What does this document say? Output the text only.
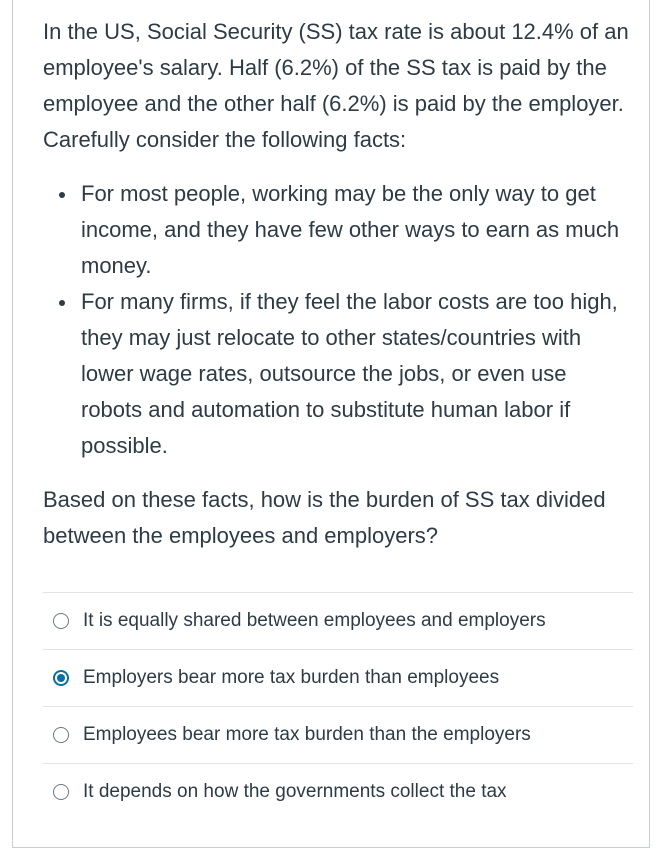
In the US, Social Security (SS) tax rate is about 12.4% of an employee's salary. Half (6.2%) of the SS tax is paid by the employee and the other half (6.2%) is paid by the employer. Carefully consider the following facts:

For most people, working may be the only way to get income, and they have few other ways to earn as much money.
For many firms, if they feel the labor costs are too high, they may just relocate to other states/countries with lower wage rates, outsource the jobs, or even use robots and automation to substitute human labor if possible.

Based on these facts, how is the burden of SS tax divided between the employees and employers?

It is equally shared between employees and employers
Employers bear more tax burden than employees
Employees bear more tax burden than the employers
It depends on how the governments collect the tax
